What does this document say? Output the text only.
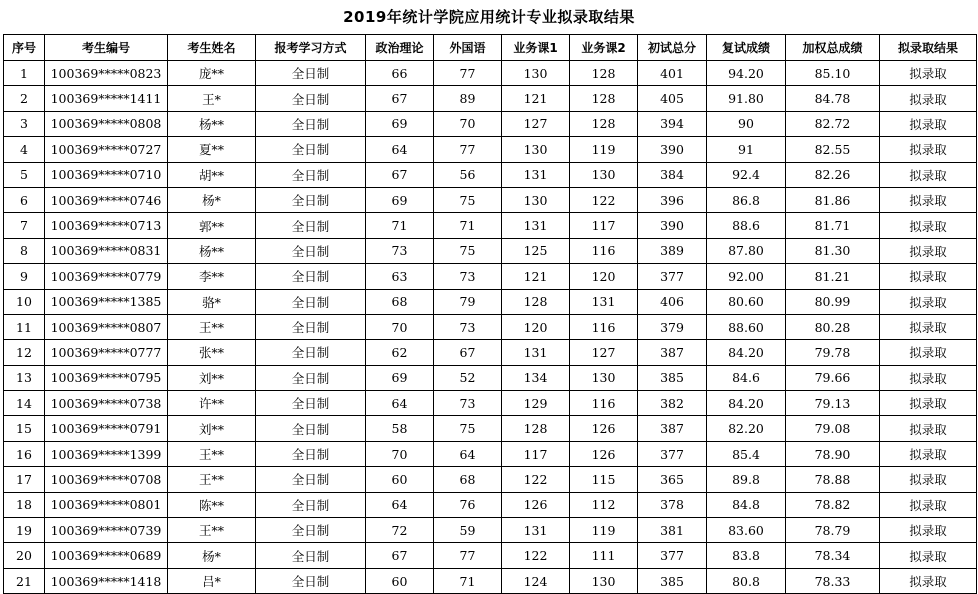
2019年统计学院应用统计专业拟录取结果
序号	考生编号	考生姓名	报考学习方式	政治理论	外国语	业务课1	业务课2	初试总分	复试成绩	加权总成绩	拟录取结果
1	100369*****0823	庞**	全日制	66	77	130	128	401	94.20	85.10	拟录取
2	100369*****1411	王*	全日制	67	89	121	128	405	91.80	84.78	拟录取
3	100369*****0808	杨**	全日制	69	70	127	128	394	90	82.72	拟录取
4	100369*****0727	夏**	全日制	64	77	130	119	390	91	82.55	拟录取
5	100369*****0710	胡**	全日制	67	56	131	130	384	92.4	82.26	拟录取
6	100369*****0746	杨*	全日制	69	75	130	122	396	86.8	81.86	拟录取
7	100369*****0713	郭**	全日制	71	71	131	117	390	88.6	81.71	拟录取
8	100369*****0831	杨**	全日制	73	75	125	116	389	87.80	81.30	拟录取
9	100369*****0779	李**	全日制	63	73	121	120	377	92.00	81.21	拟录取
10	100369*****1385	骆*	全日制	68	79	128	131	406	80.60	80.99	拟录取
11	100369*****0807	王**	全日制	70	73	120	116	379	88.60	80.28	拟录取
12	100369*****0777	张**	全日制	62	67	131	127	387	84.20	79.78	拟录取
13	100369*****0795	刘**	全日制	69	52	134	130	385	84.6	79.66	拟录取
14	100369*****0738	许**	全日制	64	73	129	116	382	84.20	79.13	拟录取
15	100369*****0791	刘**	全日制	58	75	128	126	387	82.20	79.08	拟录取
16	100369*****1399	王**	全日制	70	64	117	126	377	85.4	78.90	拟录取
17	100369*****0708	王**	全日制	60	68	122	115	365	89.8	78.88	拟录取
18	100369*****0801	陈**	全日制	64	76	126	112	378	84.8	78.82	拟录取
19	100369*****0739	王**	全日制	72	59	131	119	381	83.60	78.79	拟录取
20	100369*****0689	杨*	全日制	67	77	122	111	377	83.8	78.34	拟录取
21	100369*****1418	吕*	全日制	60	71	124	130	385	80.8	78.33	拟录取
